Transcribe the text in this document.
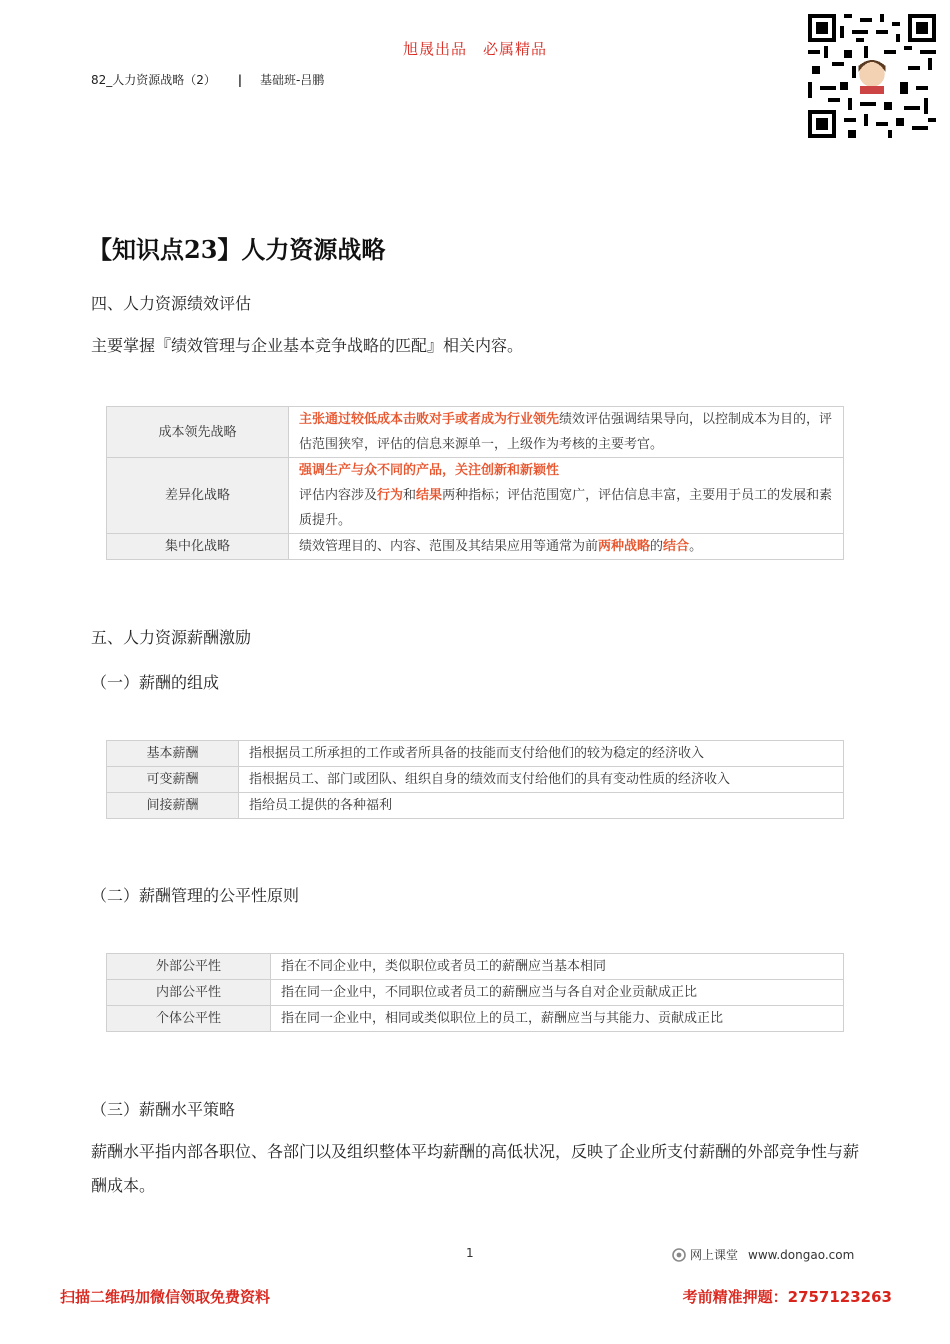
旭晟出品　必属精品
82_人力资源战略（2） | 基础班-吕鹏
【知识点23】人力资源战略
四、人力资源绩效评估
主要掌握『绩效管理与企业基本竞争战略的匹配』相关内容。
成本领先战略	主张通过较低成本击败对手或者成为行业领先绩效评估强调结果导向，以控制成本为目的，评估范围狭窄，评估的信息来源单一，上级作为考核的主要考官。
差异化战略	强调生产与众不同的产品，关注创新和新颖性
评估内容涉及行为和结果两种指标；评估范围宽广，评估信息丰富，主要用于员工的发展和素质提升。
集中化战略	绩效管理目的、内容、范围及其结果应用等通常为前两种战略的结合。
五、人力资源薪酬激励
（一）薪酬的组成
基本薪酬	指根据员工所承担的工作或者所具备的技能而支付给他们的较为稳定的经济收入
可变薪酬	指根据员工、部门或团队、组织自身的绩效而支付给他们的具有变动性质的经济收入
间接薪酬	指给员工提供的各种福利
（二）薪酬管理的公平性原则
外部公平性	指在不同企业中，类似职位或者员工的薪酬应当基本相同
内部公平性	指在同一企业中，不同职位或者员工的薪酬应当与各自对企业贡献成正比
个体公平性	指在同一企业中，相同或类似职位上的员工，薪酬应当与其能力、贡献成正比
（三）薪酬水平策略
薪酬水平指内部各职位、各部门以及组织整体平均薪酬的高低状况，反映了企业所支付薪酬的外部竞争性与薪酬成本。
1	网上课堂 www.dongao.com
扫描二维码加微信领取免费资料	考前精准押题：2757123263
